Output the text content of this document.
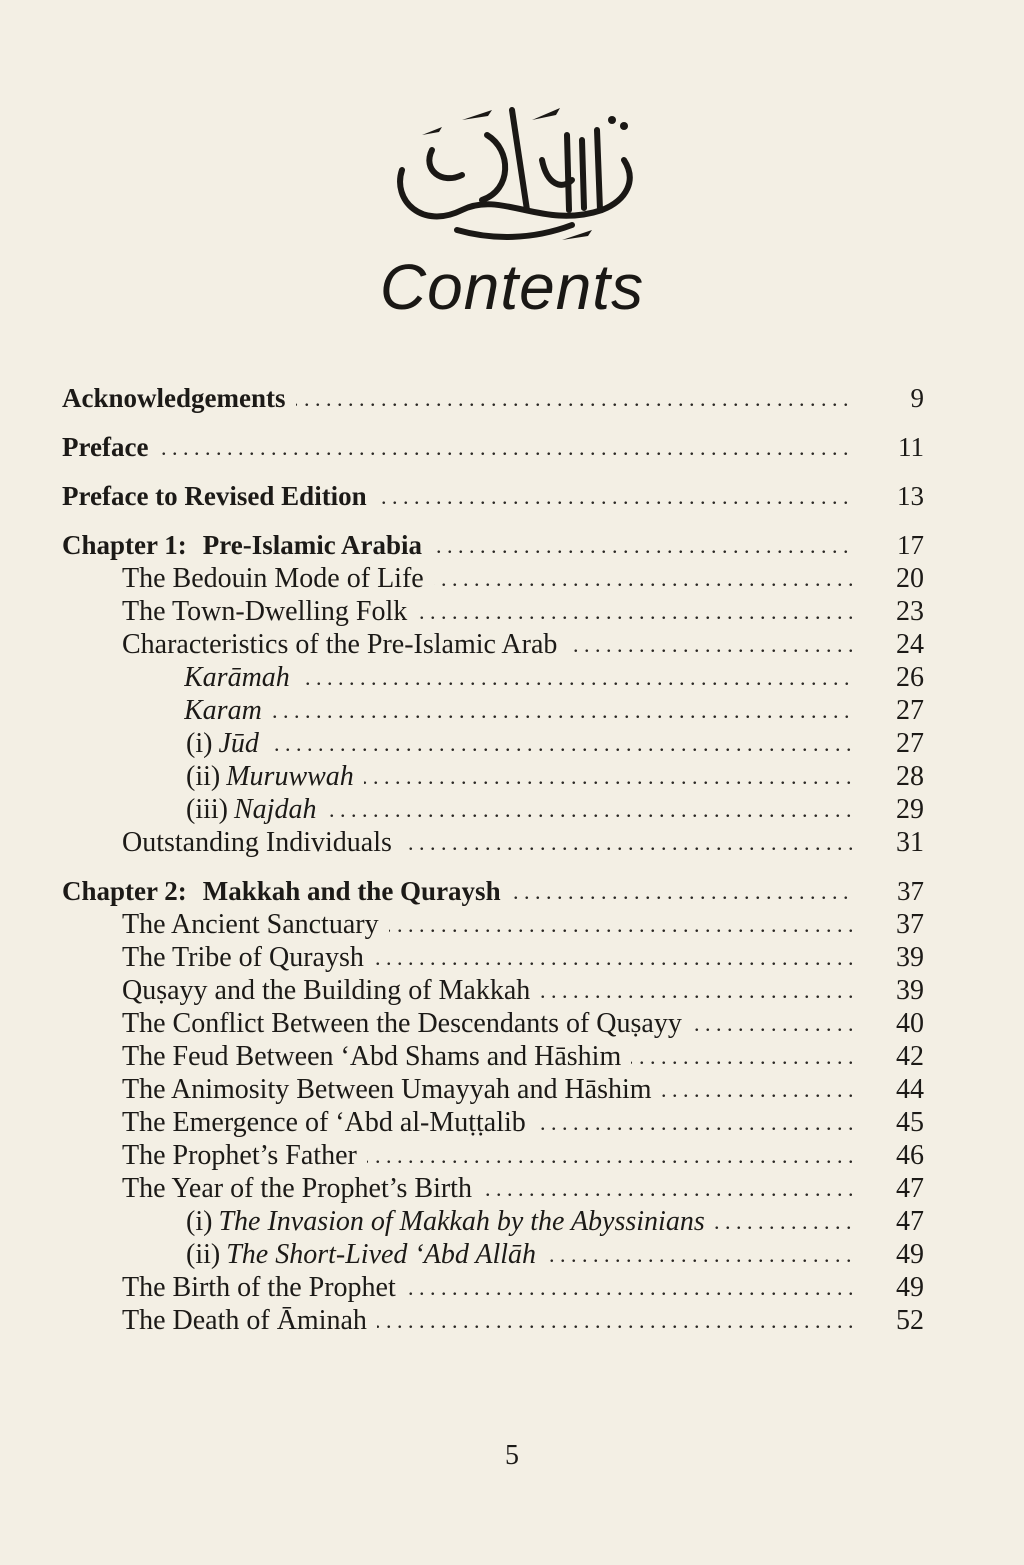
Contents
Acknowledgements . . .	9
Preface . . .	11
Preface to Revised Edition . . .	13
Chapter 1: Pre-Islamic Arabia . . .	17
The Bedouin Mode of Life . . .	20
The Town-Dwelling Folk . . .	23
Characteristics of the Pre-Islamic Arab . . .	24
Karāmah . . .	26
Karam . . .	27
(i) Jūd . . .	27
(ii) Muruwwah . . .	28
(iii) Najdah . . .	29
Outstanding Individuals . . .	31
Chapter 2: Makkah and the Quraysh . . .	37
The Ancient Sanctuary . . .	37
The Tribe of Quraysh . . .	39
Quṣayy and the Building of Makkah . . .	39
The Conflict Between the Descendants of Quṣayy . . .	40
The Feud Between ‘Abd Shams and Hāshim . . .	42
The Animosity Between Umayyah and Hāshim . . .	44
The Emergence of ‘Abd al-Muṭṭalib . . .	45
The Prophet’s Father . . .	46
The Year of the Prophet’s Birth . . .	47
(i) The Invasion of Makkah by the Abyssinians . . .	47
(ii) The Short-Lived ‘Abd Allāh . . .	49
The Birth of the Prophet . . .	49
The Death of Āminah . . .	52
5
